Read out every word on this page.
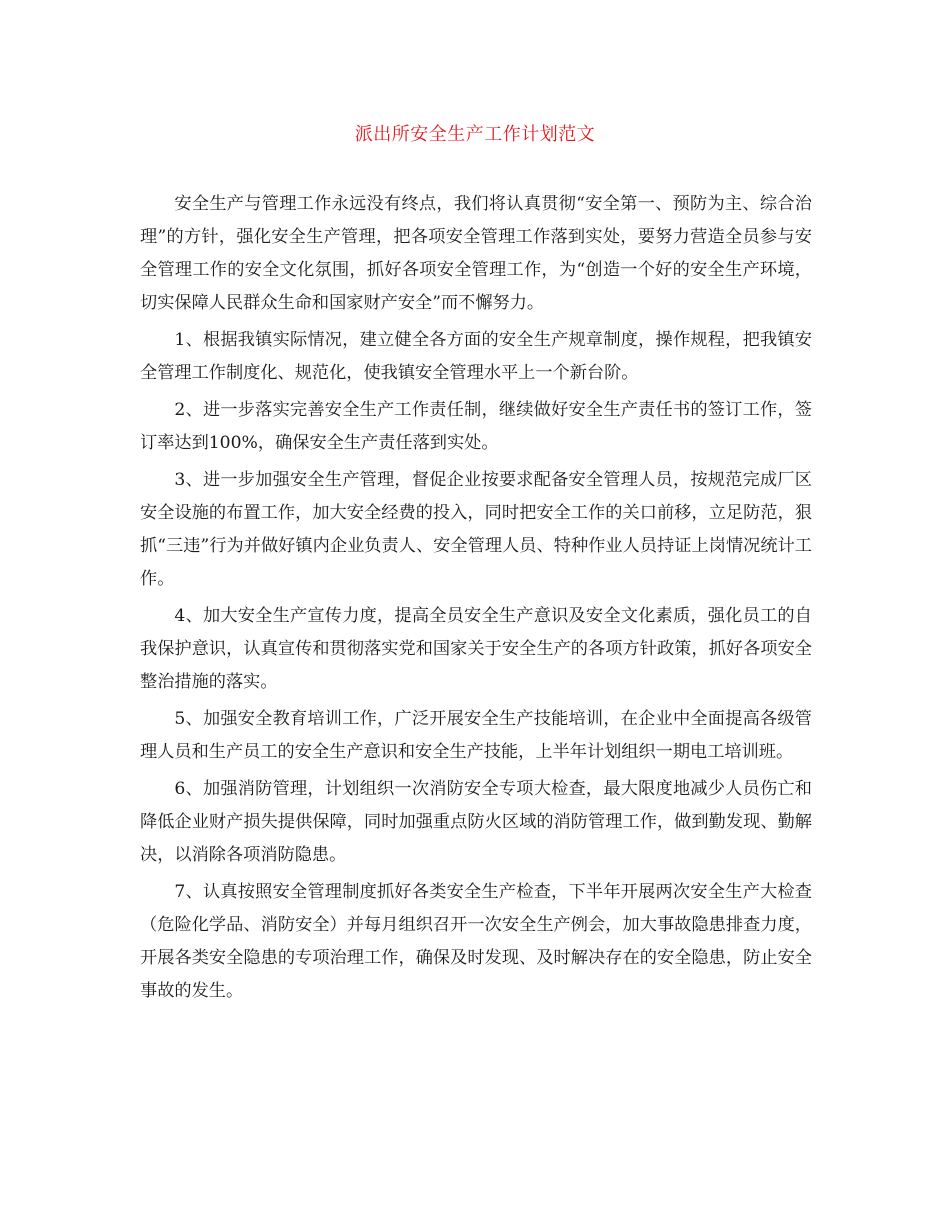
派出所安全生产工作计划范文

安全生产与管理工作永远没有终点，我们将认真贯彻“安全第一、预防为主、综合治理”的方针，强化安全生产管理，把各项安全管理工作落到实处，要努力营造全员参与安全管理工作的安全文化氛围，抓好各项安全管理工作，为“创造一个好的安全生产环境，切实保障人民群众生命和国家财产安全”而不懈努力。

1、根据我镇实际情况，建立健全各方面的安全生产规章制度，操作规程，把我镇安全管理工作制度化、规范化，使我镇安全管理水平上一个新台阶。

2、进一步落实完善安全生产工作责任制，继续做好安全生产责任书的签订工作，签订率达到100%，确保安全生产责任落到实处。

3、进一步加强安全生产管理，督促企业按要求配备安全管理人员，按规范完成厂区安全设施的布置工作，加大安全经费的投入，同时把安全工作的关口前移，立足防范，狠抓“三违”行为并做好镇内企业负责人、安全管理人员、特种作业人员持证上岗情况统计工作。

4、加大安全生产宣传力度，提高全员安全生产意识及安全文化素质，强化员工的自我保护意识，认真宣传和贯彻落实党和国家关于安全生产的各项方针政策，抓好各项安全整治措施的落实。

5、加强安全教育培训工作，广泛开展安全生产技能培训，在企业中全面提高各级管理人员和生产员工的安全生产意识和安全生产技能，上半年计划组织一期电工培训班。

6、加强消防管理，计划组织一次消防安全专项大检查，最大限度地减少人员伤亡和降低企业财产损失提供保障，同时加强重点防火区域的消防管理工作，做到勤发现、勤解决，以消除各项消防隐患。

7、认真按照安全管理制度抓好各类安全生产检查，下半年开展两次安全生产大检查（危险化学品、消防安全）并每月组织召开一次安全生产例会，加大事故隐患排查力度，开展各类安全隐患的专项治理工作，确保及时发现、及时解决存在的安全隐患，防止安全事故的发生。
